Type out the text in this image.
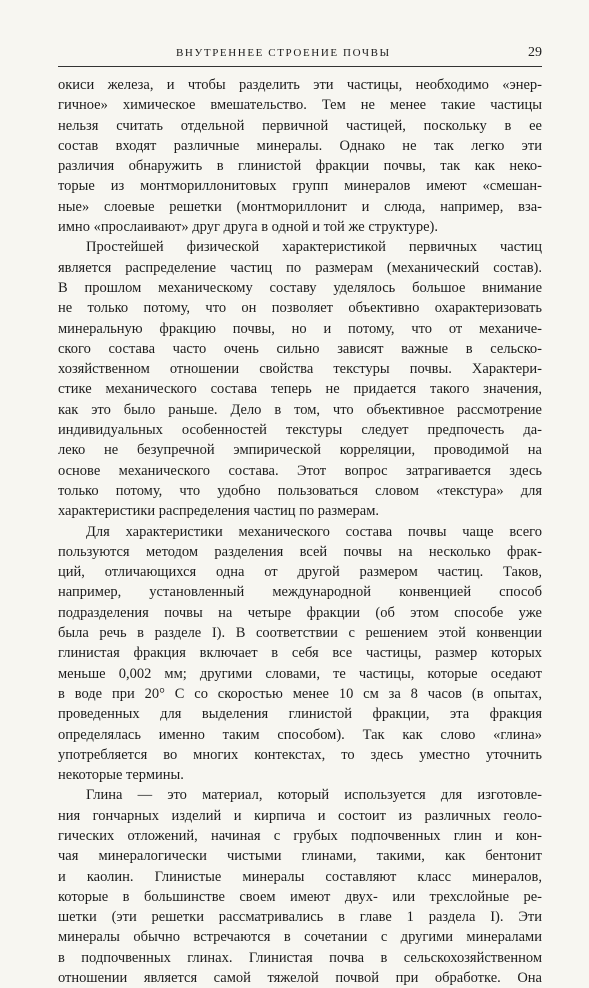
ВНУТРЕННЕЕ СТРОЕНИЕ ПОЧВЫ	29
окиси железа, и чтобы разделить эти частицы, необходимо «энер-
гичное» химическое вмешательство. Тем не менее такие частицы
нельзя считать отдельной первичной частицей, поскольку в ее
состав входят различные минералы. Однако не так легко эти
различия обнаружить в глинистой фракции почвы, так как неко-
торые из монтмориллонитовых групп минералов имеют «смешан-
ные» слоевые решетки (монтмориллонит и слюда, например, вза-
имно «прослаивают» друг друга в одной и той же структуре).
Простейшей физической характеристикой первичных частиц
является распределение частиц по размерам (механический состав).
В прошлом механическому составу уделялось большое внимание
не только потому, что он позволяет объективно охарактеризовать
минеральную фракцию почвы, но и потому, что от механиче-
ского состава часто очень сильно зависят важные в сельско-
хозяйственном отношении свойства текстуры почвы. Характери-
стике механического состава теперь не придается такого значения,
как это было раньше. Дело в том, что объективное рассмотрение
индивидуальных особенностей текстуры следует предпочесть да-
леко не безупречной эмпирической корреляции, проводимой на
основе механического состава. Этот вопрос затрагивается здесь
только потому, что удобно пользоваться словом «текстура» для
характеристики распределения частиц по размерам.
Для характеристики механического состава почвы чаще всего
пользуются методом разделения всей почвы на несколько фрак-
ций, отличающихся одна от другой размером частиц. Таков,
например, установленный международной конвенцией способ
подразделения почвы на четыре фракции (об этом способе уже
была речь в разделе I). В соответствии с решением этой конвенции
глинистая фракция включает в себя все частицы, размер которых
меньше 0,002 мм; другими словами, те частицы, которые оседают
в воде при 20° С со скоростью менее 10 см за 8 часов (в опытах,
проведенных для выделения глинистой фракции, эта фракция
определялась именно таким способом). Так как слово «глина»
употребляется во многих контекстах, то здесь уместно уточнить
некоторые термины.
Глина — это материал, который используется для изготовле-
ния гончарных изделий и кирпича и состоит из различных геоло-
гических отложений, начиная с грубых подпочвенных глин и кон-
чая минералогически чистыми глинами, такими, как бентонит
и каолин. Глинистые минералы составляют класс минералов,
которые в большинстве своем имеют двух- или трехслойные ре-
шетки (эти решетки рассматривались в главе 1 раздела I). Эти
минералы обычно встречаются в сочетании с другими минералами
в подпочвенных глинах. Глинистая почва в сельскохозяйственном
отношении является самой тяжелой почвой при обработке. Она
